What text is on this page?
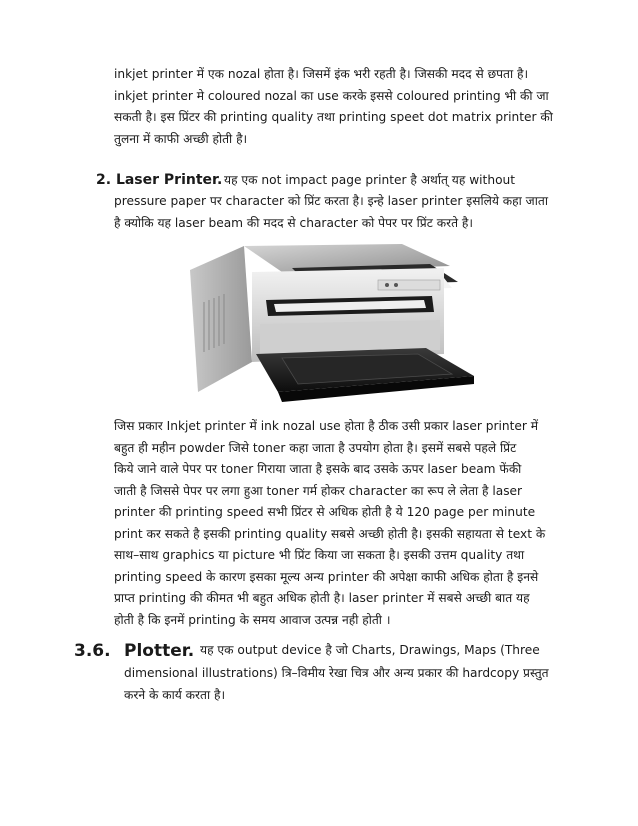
inkjet printer में एक nozal होता है। जिसमें इंक भरी रहती है। जिसकी मदद से छपता है।
inkjet printer मे coloured nozal का use करके इससे coloured printing भी की जा
सकती है। इस प्रिंटर की printing quality तथा printing speet dot matrix printer की
तुलना में काफी अच्छी होती है।
2. Laser Printer. यह एक not impact page printer है अर्थात् यह without
pressure paper पर character को प्रिंट करता है। इन्हे laser printer इसलिये कहा जाता
है क्योकि यह laser beam की मदद से character को पेपर पर प्रिंट करते है।
जिस प्रकार Inkjet printer में ink nozal use होता है ठीक उसी प्रकार laser printer में
बहुत ही महीन powder जिसे toner कहा जाता है उपयोग होता है। इसमें सबसे पहले प्रिंट
किये जाने वाले पेपर पर toner गिराया जाता है इसके बाद उसके ऊपर laser beam फेंकी
जाती है जिससे पेपर पर लगा हुआ toner गर्म होकर character का रूप ले लेता है laser
printer की printing speed सभी प्रिंटर से अधिक होती है ये 120 page per minute
print कर सकते है इसकी printing quality सबसे अच्छी होती है। इसकी सहायता से text के
साथ–साथ graphics या picture भी प्रिंट किया जा सकता है। इसकी उत्तम quality तथा
printing speed के कारण इसका मूल्य अन्य printer की अपेक्षा काफी अधिक होता है इनसे
प्राप्त printing की कीमत भी बहुत अधिक होती है। laser printer में सबसे अच्छी बात यह
होती है कि इनमें printing के समय आवाज उत्पन्न नही होती ।
3.6. Plotter. यह एक output device है जो Charts, Drawings, Maps (Three
dimensional illustrations) त्रि–विमीय रेखा चित्र और अन्य प्रकार की hardcopy प्रस्तुत
करने के कार्य करता है।
